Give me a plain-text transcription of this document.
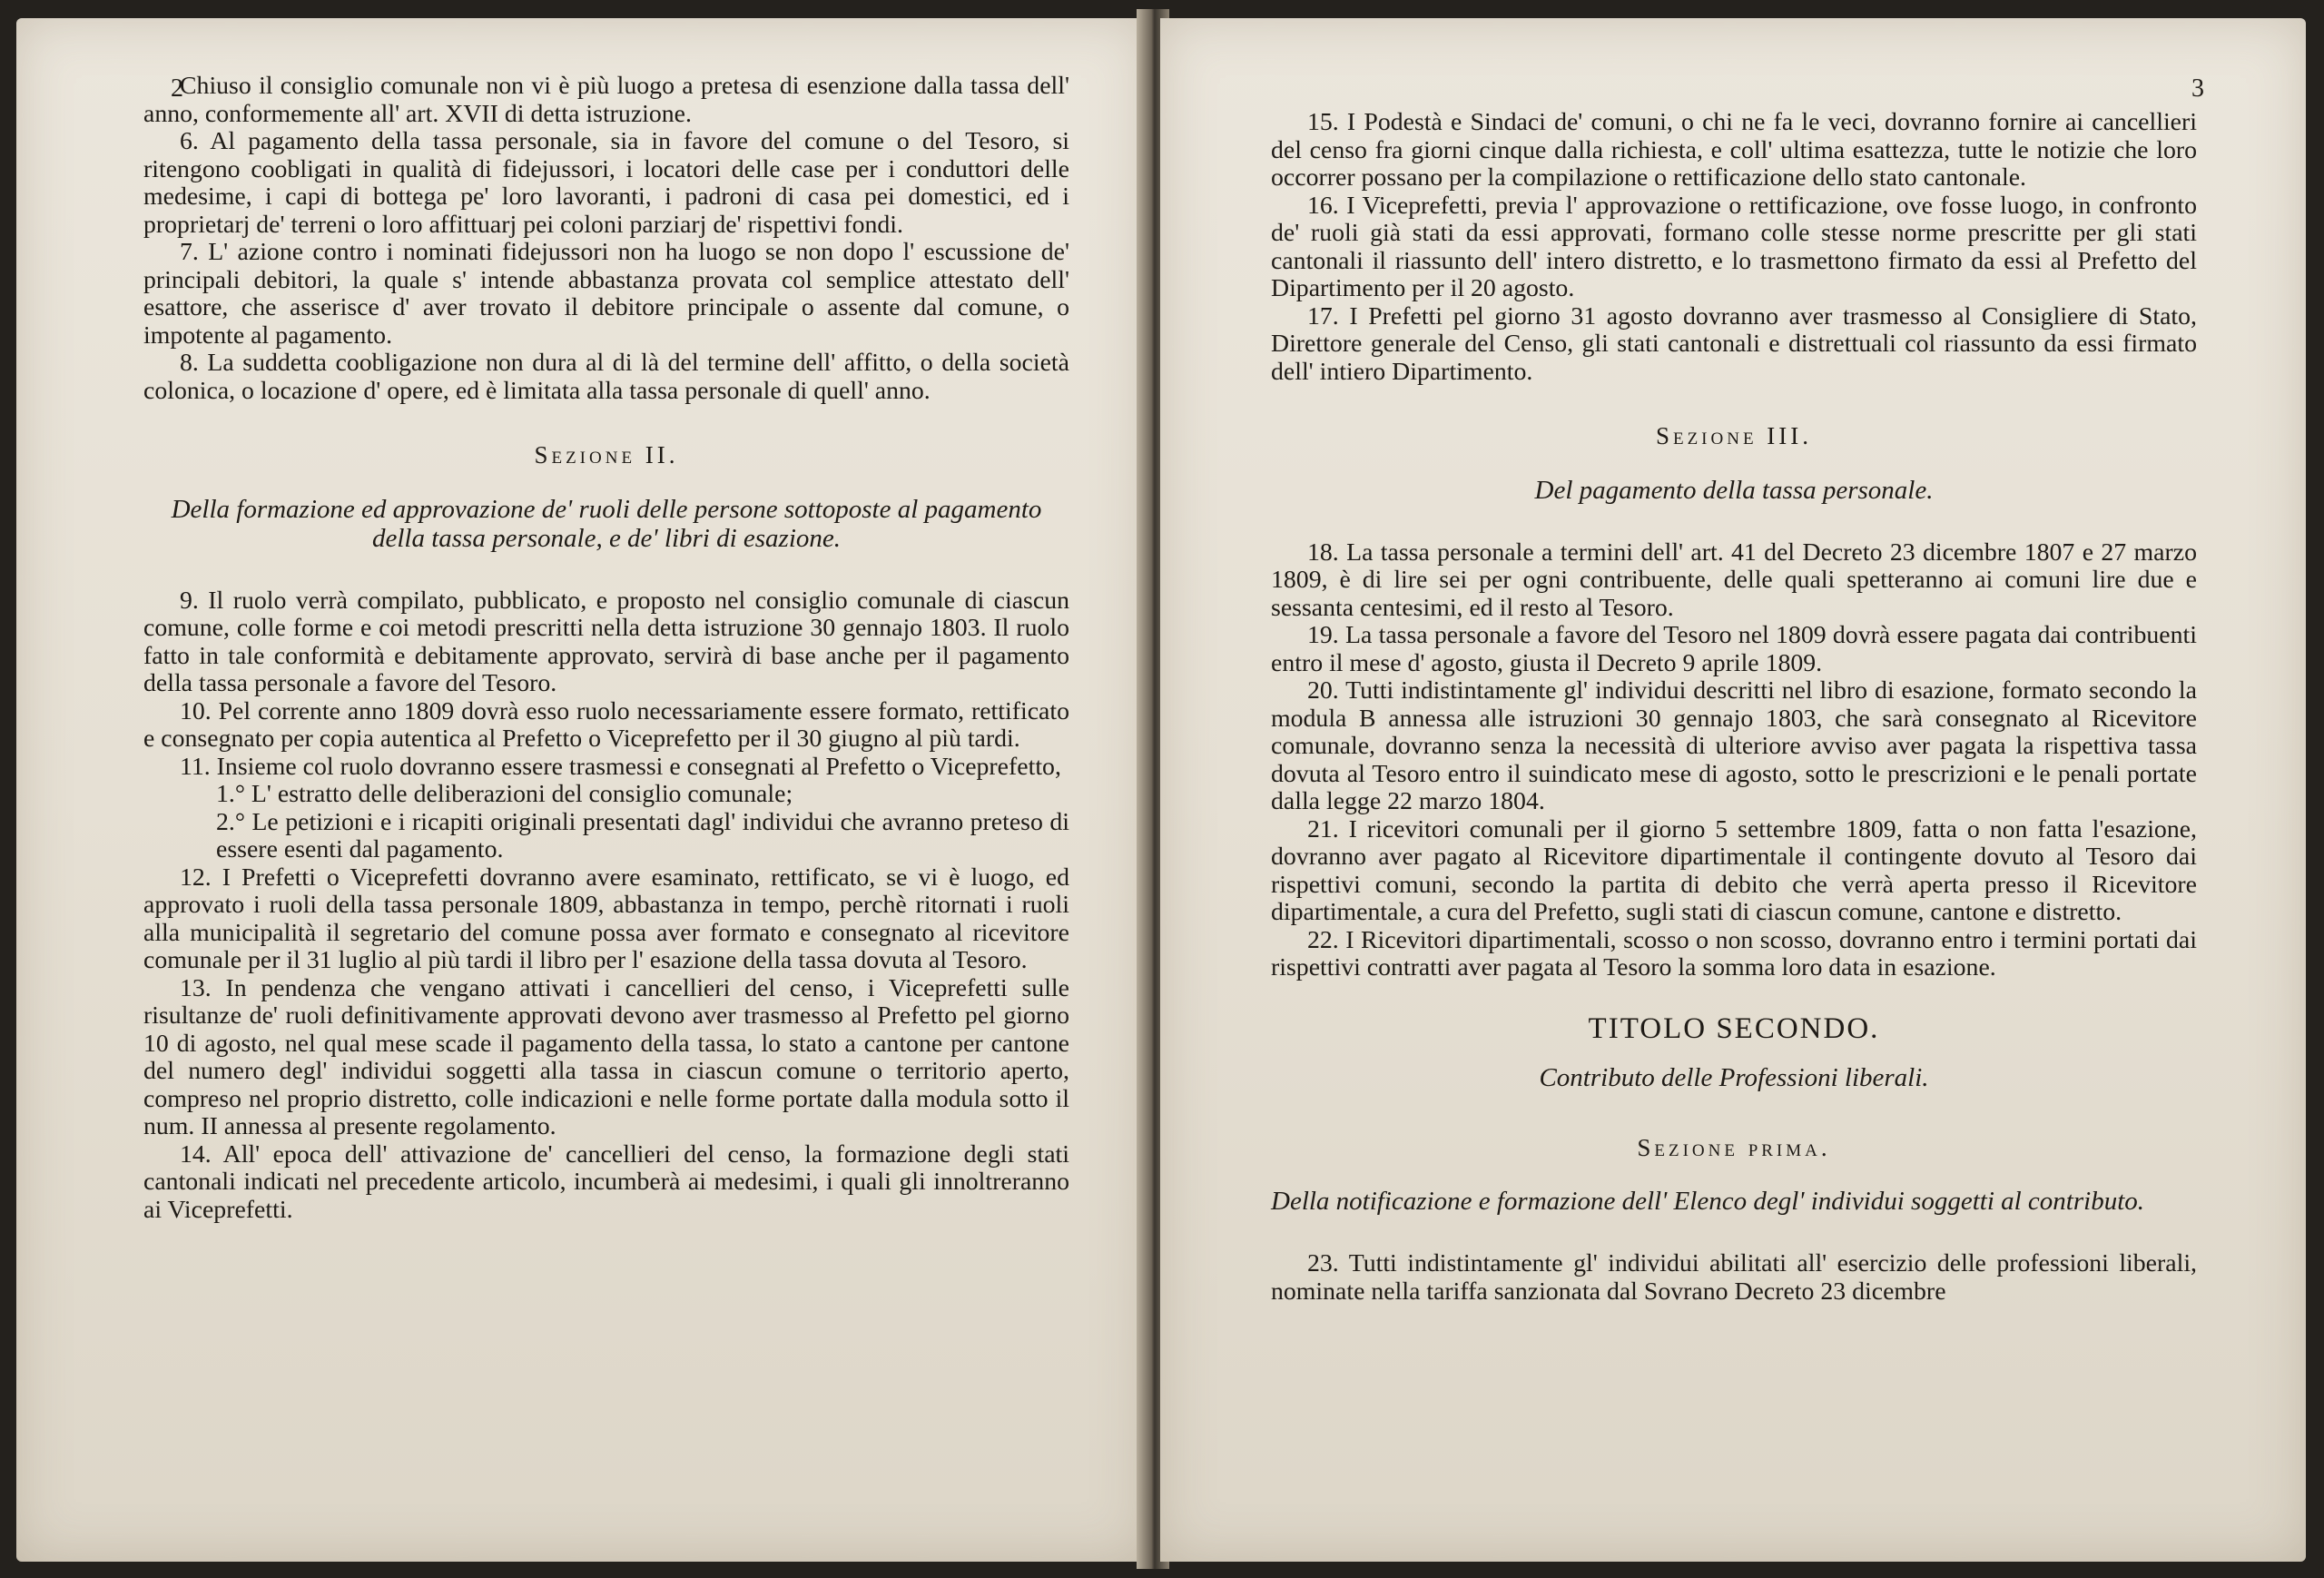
2

Chiuso il consiglio comunale non vi è più luogo a pretesa di esenzione dalla tassa dell' anno, conformemente all' art. XVII di detta istruzione.

6. Al pagamento della tassa personale, sia in favore del comune o del Tesoro, si ritengono coobligati in qualità di fidejussori, i locatori delle case per i conduttori delle medesime, i capi di bottega pe' loro lavoranti, i padroni di casa pei domestici, ed i proprietarj de' terreni o loro affittuarj pei coloni parziarj de' rispettivi fondi.

7. L' azione contro i nominati fidejussori non ha luogo se non dopo l' escussione de' principali debitori, la quale s' intende abbastanza provata col semplice attestato dell' esattore, che asserisce d' aver trovato il debitore principale o assente dal comune, o impotente al pagamento.

8. La suddetta coobligazione non dura al di là del termine dell' affitto, o della società colonica, o locazione d' opere, ed è limitata alla tassa personale di quell' anno.

Sezione II.
Della formazione ed approvazione de' ruoli delle persone sottoposte al pagamento della tassa personale, e de' libri di esazione.

9. Il ruolo verrà compilato, pubblicato, e proposto nel consiglio comunale di ciascun comune, colle forme e coi metodi prescritti nella detta istruzione 30 gennajo 1803. Il ruolo fatto in tale conformità e debitamente approvato, servirà di base anche per il pagamento della tassa personale a favore del Tesoro.

10. Pel corrente anno 1809 dovrà esso ruolo necessariamente essere formato, rettificato e consegnato per copia autentica al Prefetto o Viceprefetto per il 30 giugno al più tardi.

11. Insieme col ruolo dovranno essere trasmessi e consegnati al Prefetto o Viceprefetto,

1.° L' estratto delle deliberazioni del consiglio comunale;

2.° Le petizioni e i ricapiti originali presentati dagl' individui che avranno preteso di essere esenti dal pagamento.

12. I Prefetti o Viceprefetti dovranno avere esaminato, rettificato, se vi è luogo, ed approvato i ruoli della tassa personale 1809, abbastanza in tempo, perchè ritornati i ruoli alla municipalità il segretario del comune possa aver formato e consegnato al ricevitore comunale per il 31 luglio al più tardi il libro per l' esazione della tassa dovuta al Tesoro.

13. In pendenza che vengano attivati i cancellieri del censo, i Viceprefetti sulle risultanze de' ruoli definitivamente approvati devono aver trasmesso al Prefetto pel giorno 10 di agosto, nel qual mese scade il pagamento della tassa, lo stato a cantone per cantone del numero degl' individui soggetti alla tassa in ciascun comune o territorio aperto, compreso nel proprio distretto, colle indicazioni e nelle forme portate dalla modula sotto il num. II annessa al presente regolamento.

14. All' epoca dell' attivazione de' cancellieri del censo, la formazione degli stati cantonali indicati nel precedente articolo, incumberà ai medesimi, i quali gli innoltreranno ai Viceprefetti.

3

15. I Podestà e Sindaci de' comuni, o chi ne fa le veci, dovranno fornire ai cancellieri del censo fra giorni cinque dalla richiesta, e coll' ultima esattezza, tutte le notizie che loro occorrer possano per la compilazione o rettificazione dello stato cantonale.

16. I Viceprefetti, previa l' approvazione o rettificazione, ove fosse luogo, in confronto de' ruoli già stati da essi approvati, formano colle stesse norme prescritte per gli stati cantonali il riassunto dell' intero distretto, e lo trasmettono firmato da essi al Prefetto del Dipartimento per il 20 agosto.

17. I Prefetti pel giorno 31 agosto dovranno aver trasmesso al Consigliere di Stato, Direttore generale del Censo, gli stati cantonali e distrettuali col riassunto da essi firmato dell' intiero Dipartimento.

Sezione III.
Del pagamento della tassa personale.

18. La tassa personale a termini dell' art. 41 del Decreto 23 dicembre 1807 e 27 marzo 1809, è di lire sei per ogni contribuente, delle quali spetteranno ai comuni lire due e sessanta centesimi, ed il resto al Tesoro.

19. La tassa personale a favore del Tesoro nel 1809 dovrà essere pagata dai contribuenti entro il mese d' agosto, giusta il Decreto 9 aprile 1809.

20. Tutti indistintamente gl' individui descritti nel libro di esazione, formato secondo la modula B annessa alle istruzioni 30 gennajo 1803, che sarà consegnato al Ricevitore comunale, dovranno senza la necessità di ulteriore avviso aver pagata la rispettiva tassa dovuta al Tesoro entro il suindicato mese di agosto, sotto le prescrizioni e le penali portate dalla legge 22 marzo 1804.

21. I ricevitori comunali per il giorno 5 settembre 1809, fatta o non fatta l'esazione, dovranno aver pagato al Ricevitore dipartimentale il contingente dovuto al Tesoro dai rispettivi comuni, secondo la partita di debito che verrà aperta presso il Ricevitore dipartimentale, a cura del Prefetto, sugli stati di ciascun comune, cantone e distretto.

22. I Ricevitori dipartimentali, scosso o non scosso, dovranno entro i termini portati dai rispettivi contratti aver pagata al Tesoro la somma loro data in esazione.

TITOLO SECONDO.
Contributo delle Professioni liberali.
Sezione prima.
Della notificazione e formazione dell' Elenco degl' individui soggetti al contributo.

23. Tutti indistintamente gl' individui abilitati all' esercizio delle professioni liberali, nominate nella tariffa sanzionata dal Sovrano Decreto 23 dicembre
